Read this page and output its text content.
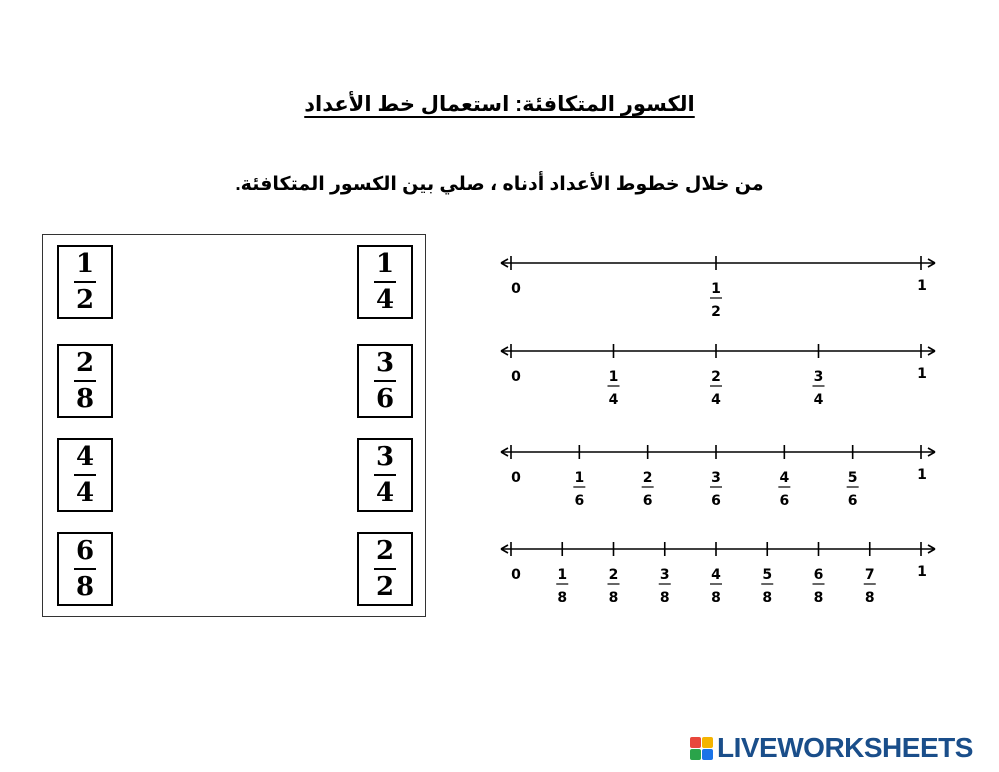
الكسور المتكافئة: استعمال خط الأعداد
من خلال خطوط الأعداد أدناه ، صلي بين الكسور المتكافئة.
$\frac{1}{2}$
$\frac{2}{8}$
$\frac{4}{4}$
$\frac{6}{8}$
$\frac{1}{4}$
$\frac{3}{6}$
$\frac{3}{4}$
$\frac{2}{2}$
0	1
1
2
0	1
1
4
2
4
3
4
0	1
1
6
2
6
3
6
4
6
5
6
0	1
1
8
2
8
3
8
4
8
5
8
6
8
7
8
LIVEWORKSHEETS
